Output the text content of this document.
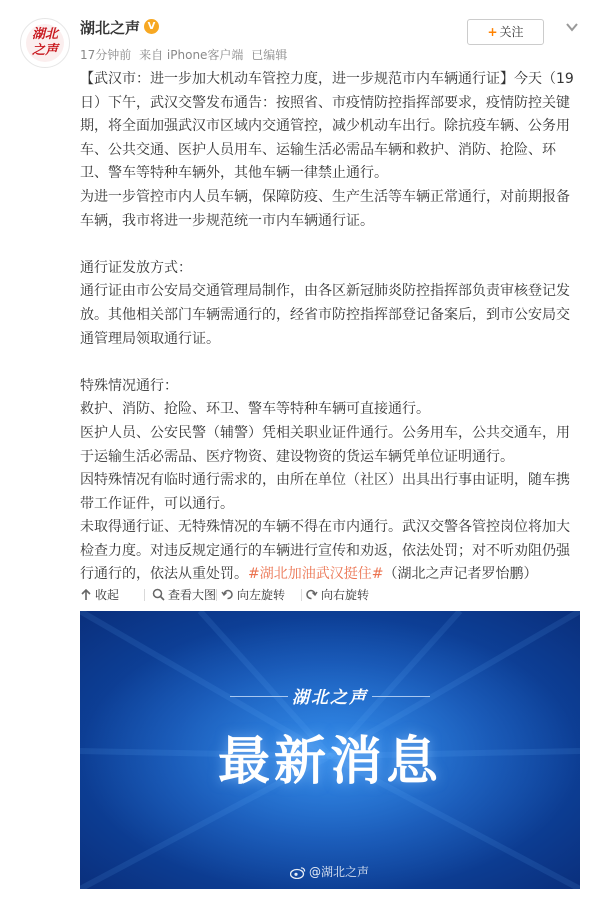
湖北之声
湖北之声 V
17分钟前 来自 iPhone客户端 已编辑
+ 关注

【武汉市：进一步加大机动车管控力度，进一步规范市内车辆通行证】今天（19日）下午，武汉交警发布通告：按照省、市疫情防控指挥部要求，疫情防控关键期，将全面加强武汉市区域内交通管控，减少机动车出行。除抗疫车辆、公务用车、公共交通、医护人员用车、运输生活必需品车辆和救护、消防、抢险、环卫、警车等特种车辆外，其他车辆一律禁止通行。

为进一步管控市内人员车辆，保障防疫、生产生活等车辆正常通行，对前期报备车辆，我市将进一步规范统一市内车辆通行证。

通行证发放方式：

通行证由市公安局交通管理局制作，由各区新冠肺炎防控指挥部负责审核登记发放。其他相关部门车辆需通行的，经省市防控指挥部登记备案后，到市公安局交通管理局领取通行证。

特殊情况通行：

救护、消防、抢险、环卫、警车等特种车辆可直接通行。

医护人员、公安民警（辅警）凭相关职业证件通行。公务用车，公共交通车，用于运输生活必需品、医疗物资、建设物资的货运车辆凭单位证明通行。

因特殊情况有临时通行需求的，由所在单位（社区）出具出行事由证明，随车携带工作证件，可以通行。

未取得通行证、无特殊情况的车辆不得在市内通行。武汉交警各管控岗位将加大检查力度。对违反规定通行的车辆进行宣传和劝返，依法处罚；对不听劝阻仍强行通行的，依法从重处罚。#湖北加油武汉挺住#（湖北之声记者罗怡鹏）

收起	查看大图	向左旋转	向右旋转
湖北之声
最新消息
@湖北之声
